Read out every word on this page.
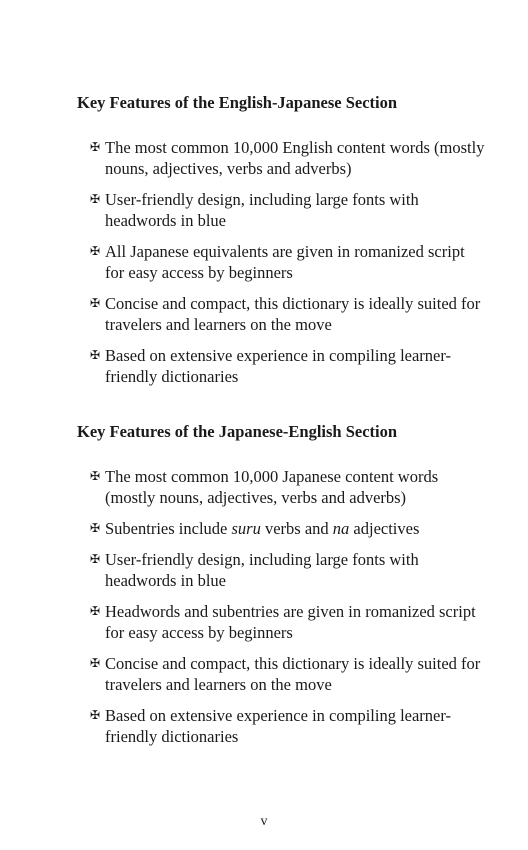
Key Features of the English-Japanese Section
✠ The most common 10,000 English content words (mostly nouns, adjectives, verbs and adverbs)
✠ User-friendly design, including large fonts with headwords in blue
✠ All Japanese equivalents are given in romanized script for easy access by beginners
✠ Concise and compact, this dictionary is ideally suited for travelers and learners on the move
✠ Based on extensive experience in compiling learner-friendly dictionaries
Key Features of the Japanese-English Section
✠ The most common 10,000 Japanese content words (mostly nouns, adjectives, verbs and adverbs)
✠ Subentries include suru verbs and na adjectives
✠ User-friendly design, including large fonts with headwords in blue
✠ Headwords and subentries are given in romanized script for easy access by beginners
✠ Concise and compact, this dictionary is ideally suited for travelers and learners on the move
✠ Based on extensive experience in compiling learner-friendly dictionaries
v
